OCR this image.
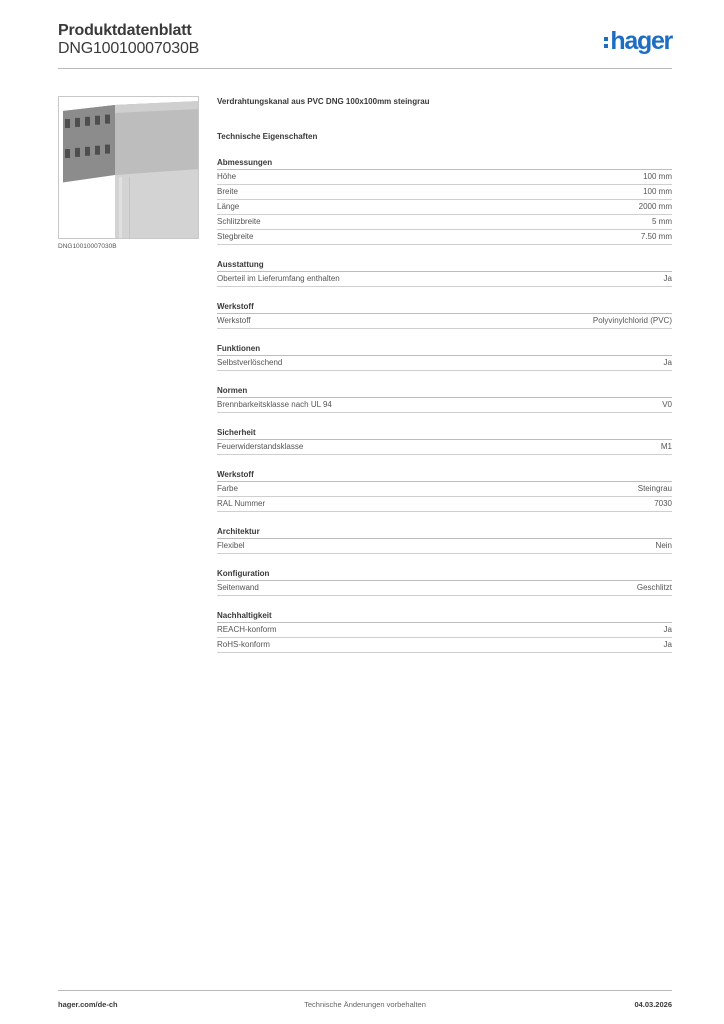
Produktdatenblatt
DNG10010007030B	hager
DNG10010007030B
Verdrahtungskanal aus PVC DNG 100x100mm steingrau
Technische Eigenschaften
Abmessungen
Höhe	100 mm
Breite	100 mm
Länge	2000 mm
Schlitzbreite	5 mm
Stegbreite	7.50 mm
Ausstattung
Oberteil im Lieferumfang enthalten	Ja
Werkstoff
Werkstoff	Polyvinylchlorid (PVC)
Funktionen
Selbstverlöschend	Ja
Normen
Brennbarkeitsklasse nach UL 94	V0
Sicherheit
Feuerwiderstandsklasse	M1
Werkstoff
Farbe	Steingrau
RAL Nummer	7030
Architektur
Flexibel	Nein
Konfiguration
Seitenwand	Geschlitzt
Nachhaltigkeit
REACH-konform	Ja
RoHS-konform	Ja
hager.com/de-ch	Technische Änderungen vorbehalten	04.03.2026
